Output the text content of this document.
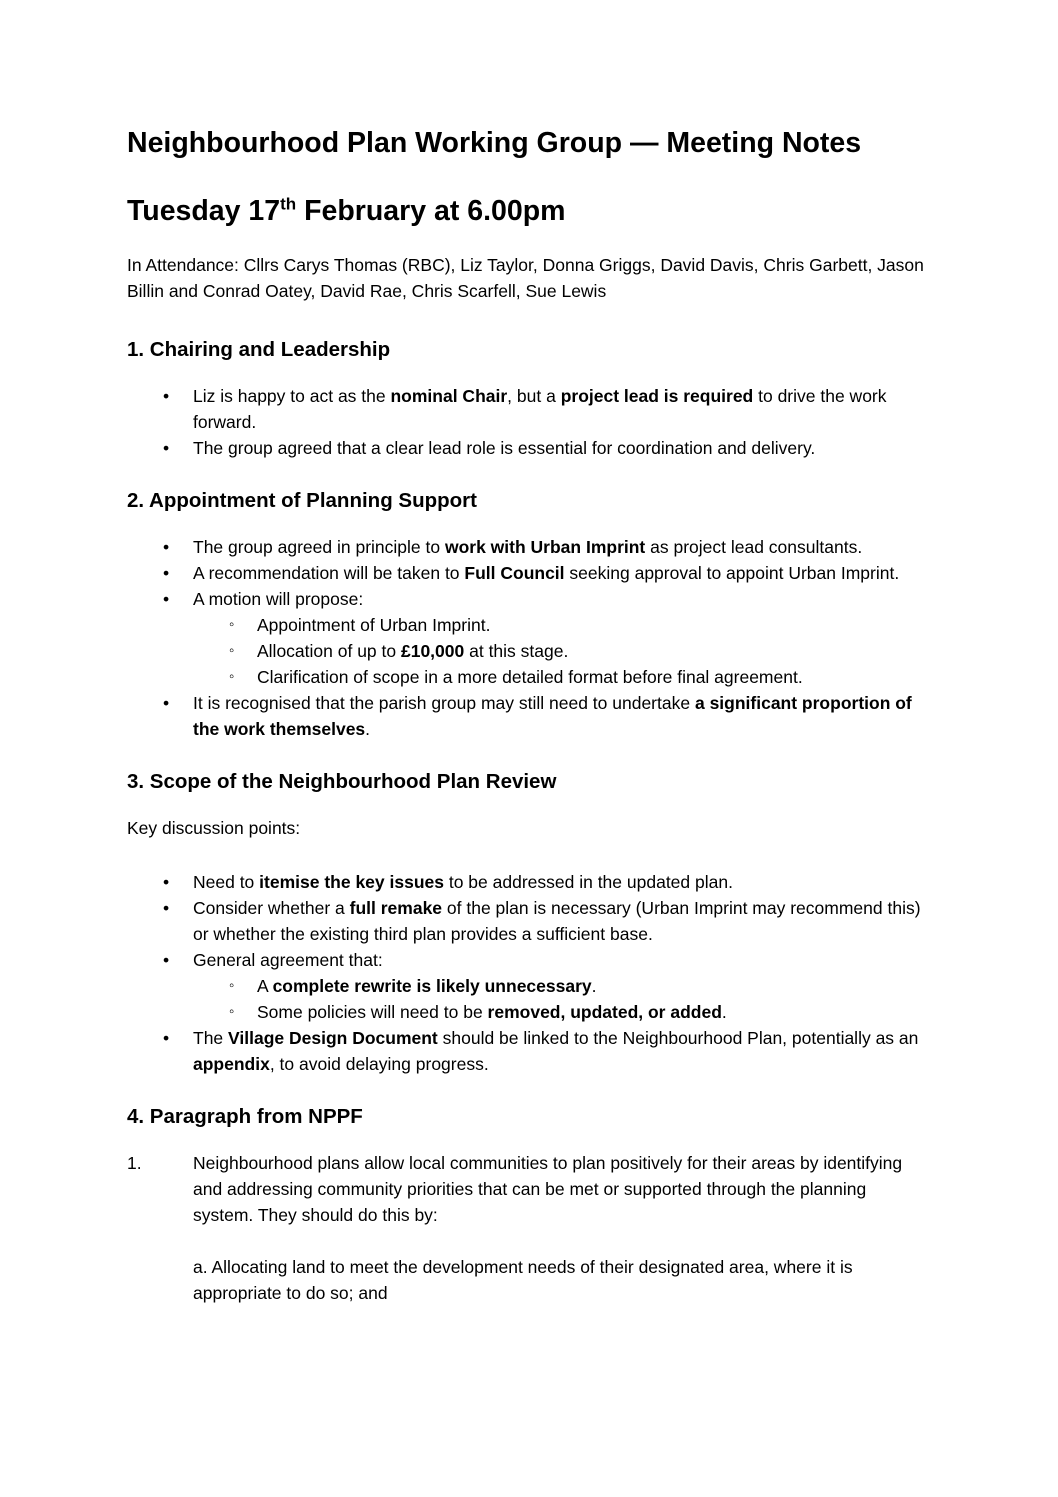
Neighbourhood Plan Working Group — Meeting Notes
Tuesday 17th February at 6.00pm

In Attendance: Cllrs Carys Thomas (RBC), Liz Taylor, Donna Griggs, David Davis, Chris Garbett, Jason Billin and Conrad Oatey, David Rae, Chris Scarfell, Sue Lewis

1. Chairing and Leadership
• Liz is happy to act as the nominal Chair, but a project lead is required to drive the work forward.
• The group agreed that a clear lead role is essential for coordination and delivery.
2. Appointment of Planning Support
• The group agreed in principle to work with Urban Imprint as project lead consultants.
• A recommendation will be taken to Full Council seeking approval to appoint Urban Imprint.
• A motion will propose:
◦ Appointment of Urban Imprint.
◦ Allocation of up to £10,000 at this stage.
◦ Clarification of scope in a more detailed format before final agreement.
• It is recognised that the parish group may still need to undertake a significant proportion of the work themselves.
3. Scope of the Neighbourhood Plan Review

Key discussion points:

• Need to itemise the key issues to be addressed in the updated plan.
• Consider whether a full remake of the plan is necessary (Urban Imprint may recommend this) or whether the existing third plan provides a sufficient base.
• General agreement that:
◦ A complete rewrite is likely unnecessary.
◦ Some policies will need to be removed, updated, or added.
• The Village Design Document should be linked to the Neighbourhood Plan, potentially as an appendix, to avoid delaying progress.
4. Paragraph from NPPF
1.	Neighbourhood plans allow local communities to plan positively for their areas by identifying and addressing community priorities that can be met or supported through the planning system. They should do this by:

a. Allocating land to meet the development needs of their designated area, where it is appropriate to do so; and
